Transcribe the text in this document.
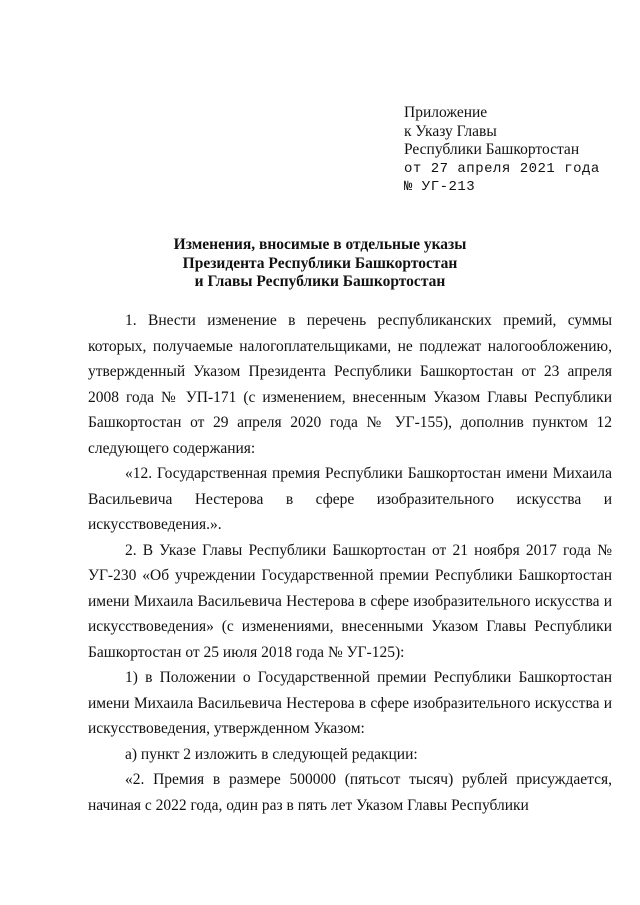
Приложение
к Указу Главы
Республики Башкортостан
от 27 апреля 2021 года
№ УГ-213
Изменения, вносимые в отдельные указы
Президента Республики Башкортостан
и Главы Республики Башкортостан

1. Внести изменение в перечень республиканских премий, суммы которых, получаемые налогоплательщиками, не подлежат налогообложению, утвержденный Указом Президента Республики Башкортостан от 23 апреля 2008 года № УП-171 (с изменением, внесенным Указом Главы Республики Башкортостан от 29 апреля 2020 года № УГ-155), дополнив пунктом 12 следующего содержания:

«12. Государственная премия Республики Башкортостан имени Михаила Васильевича Нестерова в сфере изобразительного искусства и искусствоведения.».

2. В Указе Главы Республики Башкортостан от 21 ноября 2017 года № УГ-230 «Об учреждении Государственной премии Республики Башкортостан имени Михаила Васильевича Нестерова в сфере изобразительного искусства и искусствоведения» (с изменениями, внесенными Указом Главы Республики Башкортостан от 25 июля 2018 года № УГ-125):

1) в Положении о Государственной премии Республики Башкортостан имени Михаила Васильевича Нестерова в сфере изобразительного искусства и искусствоведения, утвержденном Указом:

а) пункт 2 изложить в следующей редакции:

«2. Премия в размере 500000 (пятьсот тысяч) рублей присуждается, начиная с 2022 года, один раз в пять лет Указом Главы Республики
